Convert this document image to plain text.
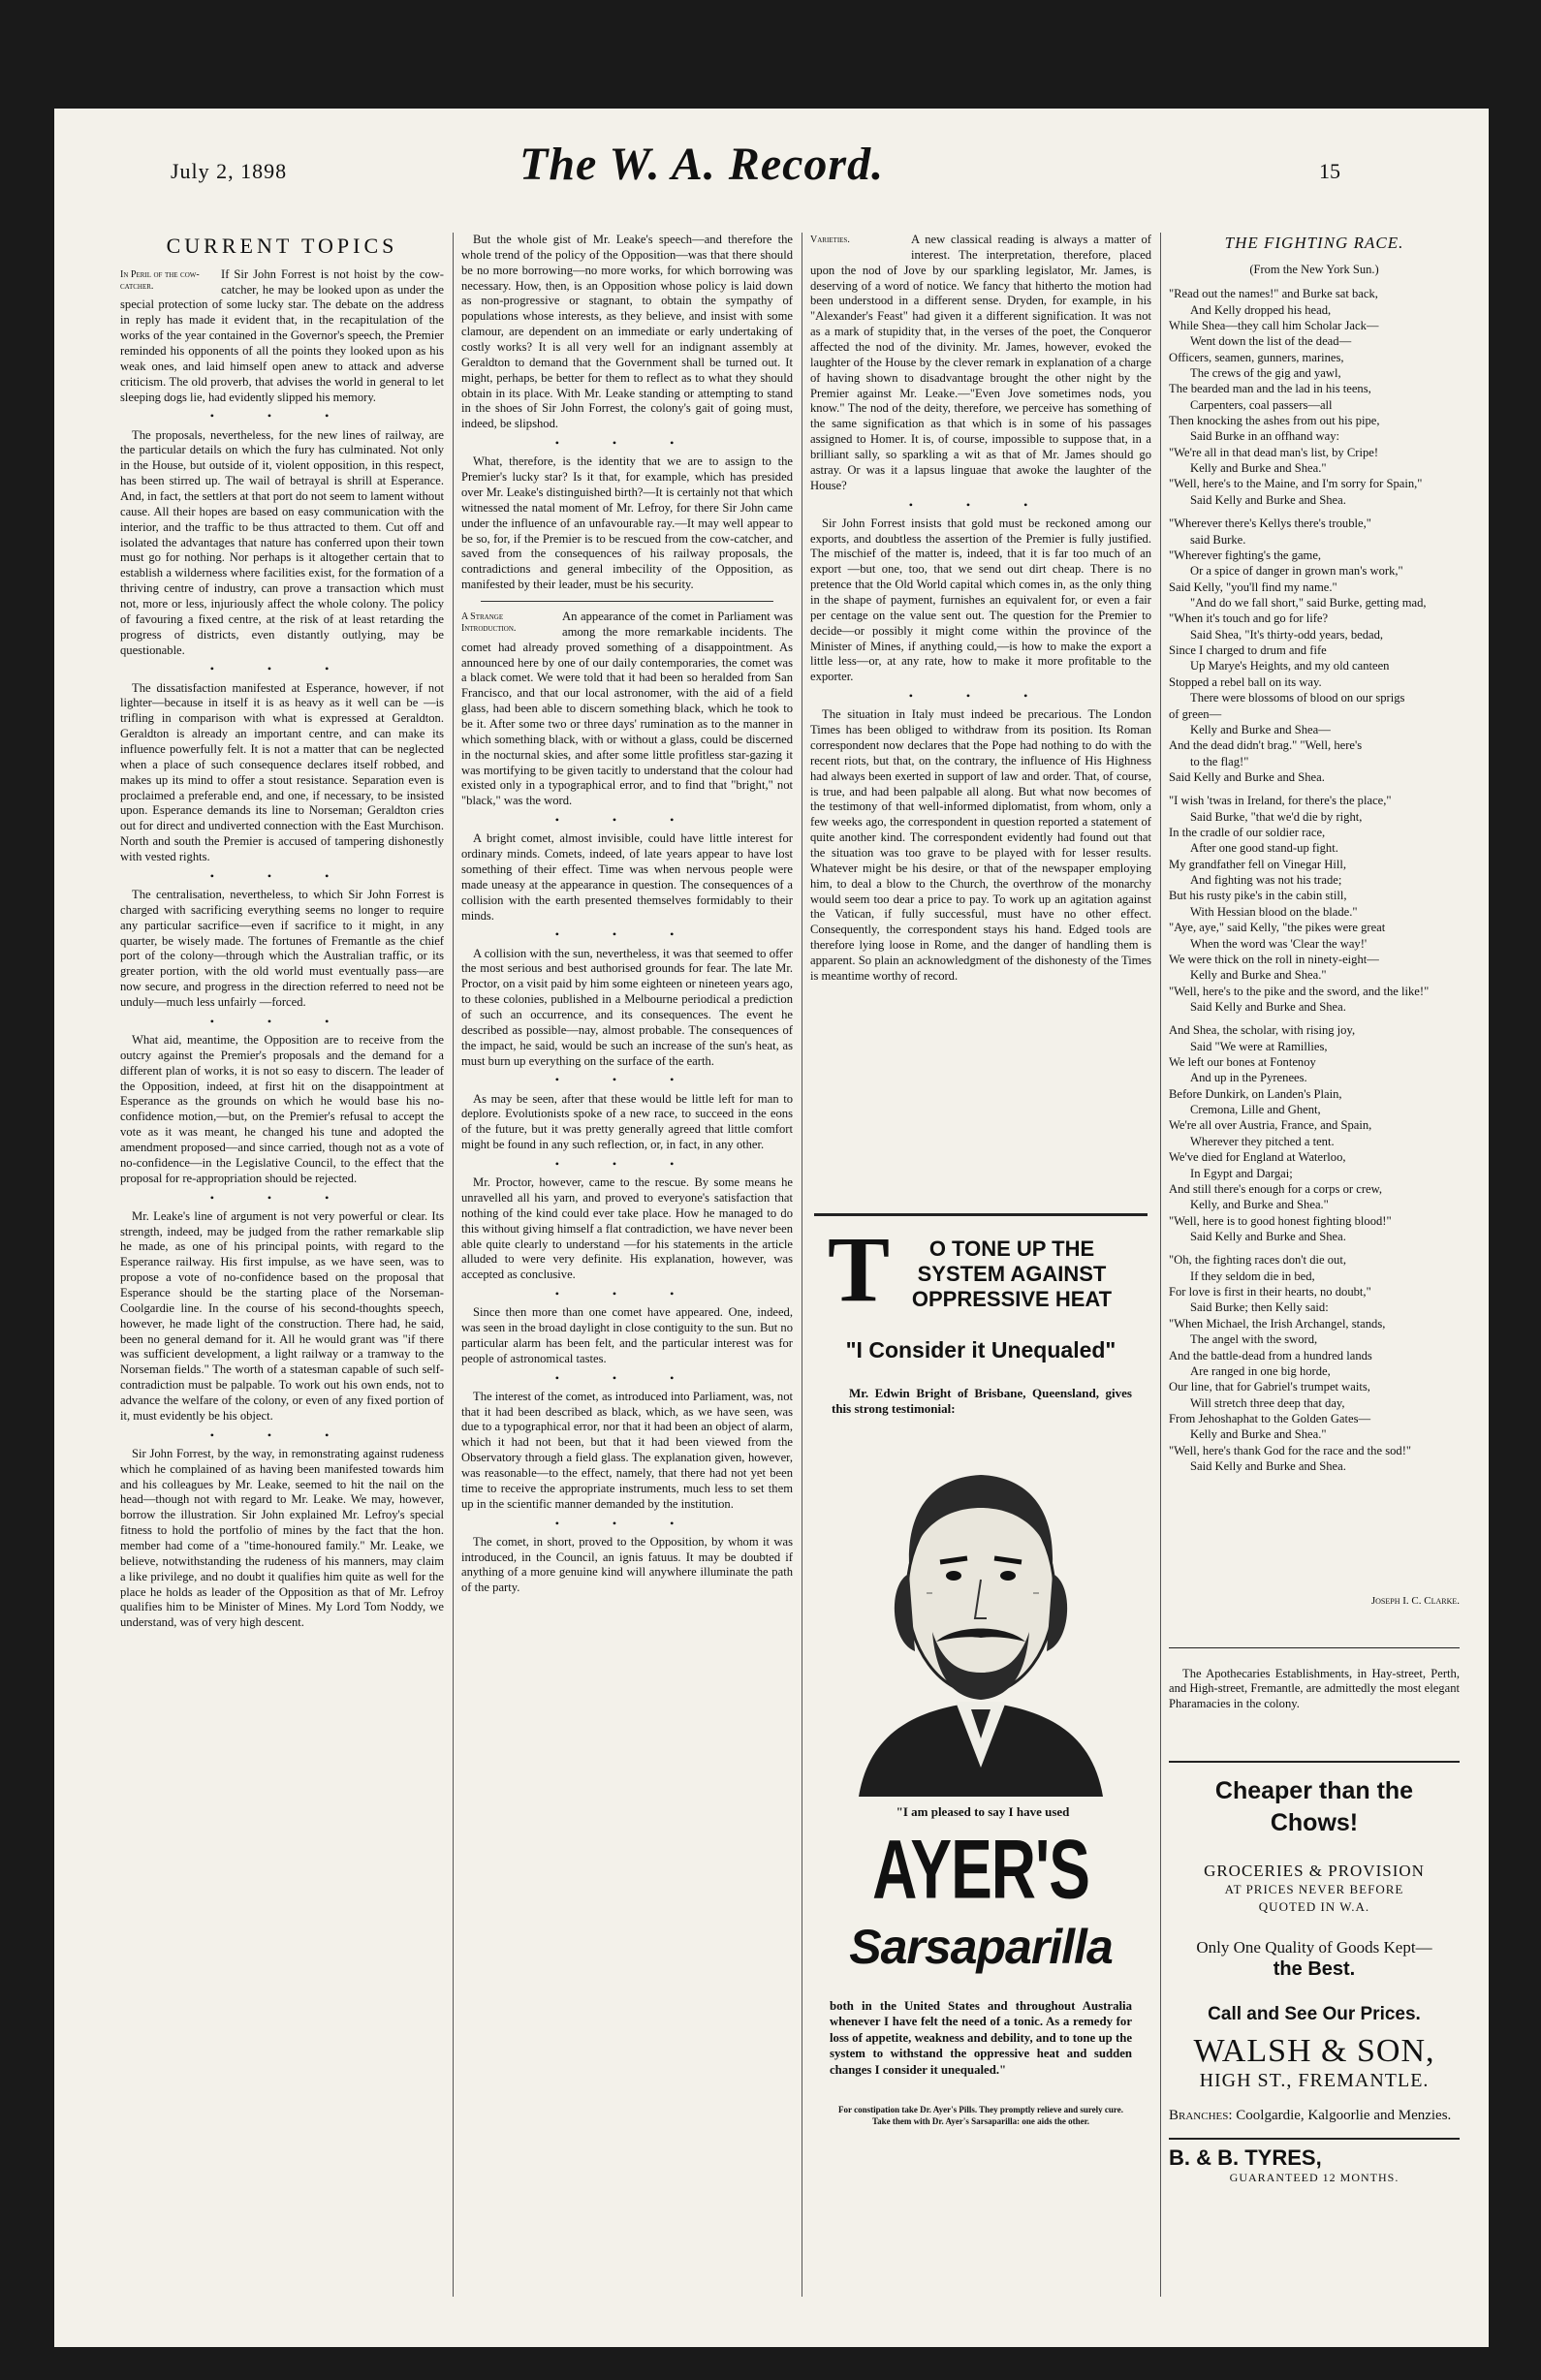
July 2, 1898	The W. A. Record.	15
CURRENT TOPICS
In Peril of the cow-catcher.

If Sir John Forrest is not hoist by the cow-catcher, he may be looked upon as under the special protection of some lucky star. The debate on the address in reply has made it evident that, in the recapitulation of the works of the year contained in the Governor's speech, the Premier reminded his opponents of all the points they looked upon as his weak ones, and laid himself open anew to attack and adverse criticism. The old proverb, that advises the world in general to let sleeping dogs lie, had evidently slipped his memory.

• • •

The proposals, nevertheless, for the new lines of railway, are the particular details on which the fury has culminated. Not only in the House, but outside of it, violent opposition, in this respect, has been stirred up. The wail of betrayal is shrill at Esperance. And, in fact, the settlers at that port do not seem to lament without cause. All their hopes are based on easy communication with the interior, and the traffic to be thus attracted to them. Cut off and isolated the advantages that nature has conferred upon their town must go for nothing. Nor perhaps is it altogether certain that to establish a wilderness where facilities exist, for the formation of a thriving centre of industry, can prove a transaction which must not, more or less, injuriously affect the whole colony. The policy of favouring a fixed centre, at the risk of at least retarding the progress of districts, even distantly outlying, may be questionable.

• • •

The dissatisfaction manifested at Esperance, however, if not lighter—because in itself it is as heavy as it well can be —is trifling in comparison with what is expressed at Geraldton. Geraldton is already an important centre, and can make its influence powerfully felt. It is not a matter that can be neglected when a place of such consequence declares itself robbed, and makes up its mind to offer a stout resistance. Separation even is proclaimed a preferable end, and one, if necessary, to be insisted upon. Esperance demands its line to Norseman; Geraldton cries out for direct and undiverted connection with the East Murchison. North and south the Premier is accused of tampering dishonestly with vested rights.

• • •

The centralisation, nevertheless, to which Sir John Forrest is charged with sacrificing everything seems no longer to require any particular sacrifice—even if sacrifice to it might, in any quarter, be wisely made. The fortunes of Fremantle as the chief port of the colony—through which the Australian traffic, or its greater portion, with the old world must eventually pass—are now secure, and progress in the direction referred to need not be unduly—much less unfairly —forced.

• • •

What aid, meantime, the Opposition are to receive from the outcry against the Premier's proposals and the demand for a different plan of works, it is not so easy to discern. The leader of the Opposition, indeed, at first hit on the disappointment at Esperance as the grounds on which he would base his no-confidence motion,—but, on the Premier's refusal to accept the vote as it was meant, he changed his tune and adopted the amendment proposed—and since carried, though not as a vote of no-confidence—in the Legislative Council, to the effect that the proposal for re-appropriation should be rejected.

• • •

Mr. Leake's line of argument is not very powerful or clear. Its strength, indeed, may be judged from the rather remarkable slip he made, as one of his principal points, with regard to the Esperance railway. His first impulse, as we have seen, was to propose a vote of no-confidence based on the proposal that Esperance should be the starting place of the Norseman-Coolgardie line. In the course of his second-thoughts speech, however, he made light of the construction. There had, he said, been no general demand for it. All he would grant was "if there was sufficient development, a light railway or a tramway to the Norseman fields." The worth of a statesman capable of such self-contradiction must be palpable. To work out his own ends, not to advance the welfare of the colony, or even of any fixed portion of it, must evidently be his object.

• • •

Sir John Forrest, by the way, in remonstrating against rudeness which he complained of as having been manifested towards him and his colleagues by Mr. Leake, seemed to hit the nail on the head—though not with regard to Mr. Leake. We may, however, borrow the illustration. Sir John explained Mr. Lefroy's special fitness to hold the portfolio of mines by the fact that the hon. member had come of a "time-honoured family." Mr. Leake, we believe, notwithstanding the rudeness of his manners, may claim a like privilege, and no doubt it qualifies him quite as well for the place he holds as leader of the Opposition as that of Mr. Lefroy qualifies him to be Minister of Mines. My Lord Tom Noddy, we understand, was of very high descent.

But the whole gist of Mr. Leake's speech—and therefore the whole trend of the policy of the Opposition—was that there should be no more borrowing—no more works, for which borrowing was necessary. How, then, is an Opposition whose policy is laid down as non-progressive or stagnant, to obtain the sympathy of populations whose interests, as they believe, and insist with some clamour, are dependent on an immediate or early undertaking of costly works? It is all very well for an indignant assembly at Geraldton to demand that the Government shall be turned out. It might, perhaps, be better for them to reflect as to what they should obtain in its place. With Mr. Leake standing or attempting to stand in the shoes of Sir John Forrest, the colony's gait of going must, indeed, be slipshod.

• • •

What, therefore, is the identity that we are to assign to the Premier's lucky star? Is it that, for example, which has presided over Mr. Leake's distinguished birth?—It is certainly not that which witnessed the natal moment of Mr. Lefroy, for there Sir John came under the influence of an unfavourable ray.—It may well appear to be so, for, if the Premier is to be rescued from the cow-catcher, and saved from the consequences of his railway proposals, the contradictions and general imbecility of the Opposition, as manifested by their leader, must be his security.

A Strange Introduction.

An appearance of the comet in Parliament was among the more remarkable incidents. The comet had already proved something of a disappointment. As announced here by one of our daily contemporaries, the comet was a black comet. We were told that it had been so heralded from San Francisco, and that our local astronomer, with the aid of a field glass, had been able to discern something black, which he took to be it. After some two or three days' rumination as to the manner in which something black, with or without a glass, could be discerned in the nocturnal skies, and after some little profitless star-gazing it was mortifying to be given tacitly to understand that the colour had existed only in a typographical error, and to find that "bright," not "black," was the word.

• • •

A bright comet, almost invisible, could have little interest for ordinary minds. Comets, indeed, of late years appear to have lost something of their effect. Time was when nervous people were made uneasy at the appearance in question. The consequences of a collision with the earth presented themselves formidably to their minds.

• • •

A collision with the sun, nevertheless, it was that seemed to offer the most serious and best authorised grounds for fear. The late Mr. Proctor, on a visit paid by him some eighteen or nineteen years ago, to these colonies, published in a Melbourne periodical a prediction of such an occurrence, and its consequences. The event he described as possible—nay, almost probable. The consequences of the impact, he said, would be such an increase of the sun's heat, as must burn up everything on the surface of the earth.

• • •

As may be seen, after that these would be little left for man to deplore. Evolutionists spoke of a new race, to succeed in the eons of the future, but it was pretty generally agreed that little comfort might be found in any such reflection, or, in fact, in any other.

• • •

Mr. Proctor, however, came to the rescue. By some means he unravelled all his yarn, and proved to everyone's satisfaction that nothing of the kind could ever take place. How he managed to do this without giving himself a flat contradiction, we have never been able quite clearly to understand —for his statements in the article alluded to were very definite. His explanation, however, was accepted as conclusive.

• • •

Since then more than one comet have appeared. One, indeed, was seen in the broad daylight in close contiguity to the sun. But no particular alarm has been felt, and the particular interest was for people of astronomical tastes.

• • •

The interest of the comet, as introduced into Parliament, was, not that it had been described as black, which, as we have seen, was due to a typographical error, nor that it had been an object of alarm, which it had not been, but that it had been viewed from the Observatory through a field glass. The explanation given, however, was reasonable—to the effect, namely, that there had not yet been time to receive the appropriate instruments, much less to set them up in the scientific manner demanded by the institution.

• • •

The comet, in short, proved to the Opposition, by whom it was introduced, in the Council, an ignis fatuus. It may be doubted if anything of a more genuine kind will anywhere illuminate the path of the party.

Varieties.	A new classical reading is always a matter of interest. The interpretation, therefore, placed upon the nod of Jove by our sparkling legislator, Mr. James, is deserving of a word of notice. We fancy that hitherto the motion had been understood in a different sense. Dryden, for example, in his "Alexander's Feast" had given it a different signification. It was not as a mark of stupidity that, in the verses of the poet, the Conqueror affected the nod of the divinity. Mr. James, however, evoked the laughter of the House by the clever remark in explanation of a charge of having shown to disadvantage brought the other night by the Premier against Mr. Leake.—"Even Jove sometimes nods, you know." The nod of the deity, therefore, we perceive has something of the same signification as that which is in some of his passages assigned to Homer. It is, of course, impossible to suppose that, in a brilliant sally, so sparkling a wit as that of Mr. James should go astray. Or was it a lapsus linguae that awoke the laughter of the House?

• • •

Sir John Forrest insists that gold must be reckoned among our exports, and doubtless the assertion of the Premier is fully justified. The mischief of the matter is, indeed, that it is far too much of an export —but one, too, that we send out dirt cheap. There is no pretence that the Old World capital which comes in, as the only thing in the shape of payment, furnishes an equivalent for, or even a fair per centage on the value sent out. The question for the Premier to decide—or possibly it might come within the province of the Minister of Mines, if anything could,—is how to make the export a little less—or, at any rate, how to make it more profitable to the exporter.

• • •

The situation in Italy must indeed be precarious. The London Times has been obliged to withdraw from its position. Its Roman correspondent now declares that the Pope had nothing to do with the recent riots, but that, on the contrary, the influence of His Highness had always been exerted in support of law and order. That, of course, is true, and had been palpable all along. But what now becomes of the testimony of that well-informed diplomatist, from whom, only a few weeks ago, the correspondent in question reported a statement of quite another kind. The correspondent evidently had found out that the situation was too grave to be played with for lesser results. Whatever might be his desire, or that of the newspaper employing him, to deal a blow to the Church, the overthrow of the monarchy would seem too dear a price to pay. To work up an agitation against the Vatican, if fully successful, must have no other effect. Consequently, the correspondent stays his hand. Edged tools are therefore lying loose in Rome, and the danger of handling them is apparent. So plain an acknowledgment of the dishonesty of the Times is meantime worthy of record.

T	O TONE UP THE
SYSTEM AGAINST
OPPRESSIVE HEAT
"I Consider it Unequaled"
Mr. Edwin Bright of Brisbane, Queensland, gives this strong testimonial:
"I am pleased to say I have used
AYER'S
Sarsaparilla
both in the United States and throughout Australia whenever I have felt the need of a tonic. As a remedy for loss of appetite, weakness and debility, and to tone up the system to withstand the oppressive heat and sudden changes I consider it unequaled."
For constipation take Dr. Ayer's Pills. They promptly relieve and surely cure. Take them with Dr. Ayer's Sarsaparilla: one aids the other.
THE FIGHTING RACE.
(From the New York Sun.)

"Read out the names!" and Burke sat back,

And Kelly dropped his head,

While Shea—they call him Scholar Jack—

Went down the list of the dead—

Officers, seamen, gunners, marines,

The crews of the gig and yawl,

The bearded man and the lad in his teens,

Carpenters, coal passers—all

Then knocking the ashes from out his pipe,

Said Burke in an offhand way:

"We're all in that dead man's list, by Cripe!

Kelly and Burke and Shea."

"Well, here's to the Maine, and I'm sorry for Spain,"

Said Kelly and Burke and Shea.

"Wherever there's Kellys there's trouble,"

said Burke.

"Wherever fighting's the game,

Or a spice of danger in grown man's work,"

Said Kelly, "you'll find my name."

"And do we fall short," said Burke, getting mad,

"When it's touch and go for life?

Said Shea, "It's thirty-odd years, bedad,

Since I charged to drum and fife

Up Marye's Heights, and my old canteen

Stopped a rebel ball on its way.

There were blossoms of blood on our sprigs

of green—

Kelly and Burke and Shea—

And the dead didn't brag." "Well, here's

to the flag!"

Said Kelly and Burke and Shea.

"I wish 'twas in Ireland, for there's the place,"

Said Burke, "that we'd die by right,

In the cradle of our soldier race,

After one good stand-up fight.

My grandfather fell on Vinegar Hill,

And fighting was not his trade;

But his rusty pike's in the cabin still,

With Hessian blood on the blade."

"Aye, aye," said Kelly, "the pikes were great

When the word was 'Clear the way!'

We were thick on the roll in ninety-eight—

Kelly and Burke and Shea."

"Well, here's to the pike and the sword, and the like!"

Said Kelly and Burke and Shea.

And Shea, the scholar, with rising joy,

Said "We were at Ramillies,

We left our bones at Fontenoy

And up in the Pyrenees.

Before Dunkirk, on Landen's Plain,

Cremona, Lille and Ghent,

We're all over Austria, France, and Spain,

Wherever they pitched a tent.

We've died for England at Waterloo,

In Egypt and Dargai;

And still there's enough for a corps or crew,

Kelly, and Burke and Shea."

"Well, here is to good honest fighting blood!"

Said Kelly and Burke and Shea.

"Oh, the fighting races don't die out,

If they seldom die in bed,

For love is first in their hearts, no doubt,"

Said Burke; then Kelly said:

"When Michael, the Irish Archangel, stands,

The angel with the sword,

And the battle-dead from a hundred lands

Are ranged in one big horde,

Our line, that for Gabriel's trumpet waits,

Will stretch three deep that day,

From Jehoshaphat to the Golden Gates—

Kelly and Burke and Shea."

"Well, here's thank God for the race and the sod!"

Said Kelly and Burke and Shea.

The Apothecaries Establishments, in Hay-street, Perth, and High-street, Fremantle, are admittedly the most elegant Pharamacies in the colony.

Cheaper than the Chows!
GROCERIES & PROVISION
AT PRICES NEVER BEFORE
QUOTED IN W.A.
Only One Quality of Goods Kept—
the Best.
Call and See Our Prices.
WALSH & SON,
HIGH ST., FREMANTLE.
Branches: Coolgardie, Kalgoorlie and Menzies.
B. & B. TYRES,
GUARANTEED 12 MONTHS.
Joseph I. C. Clarke.
